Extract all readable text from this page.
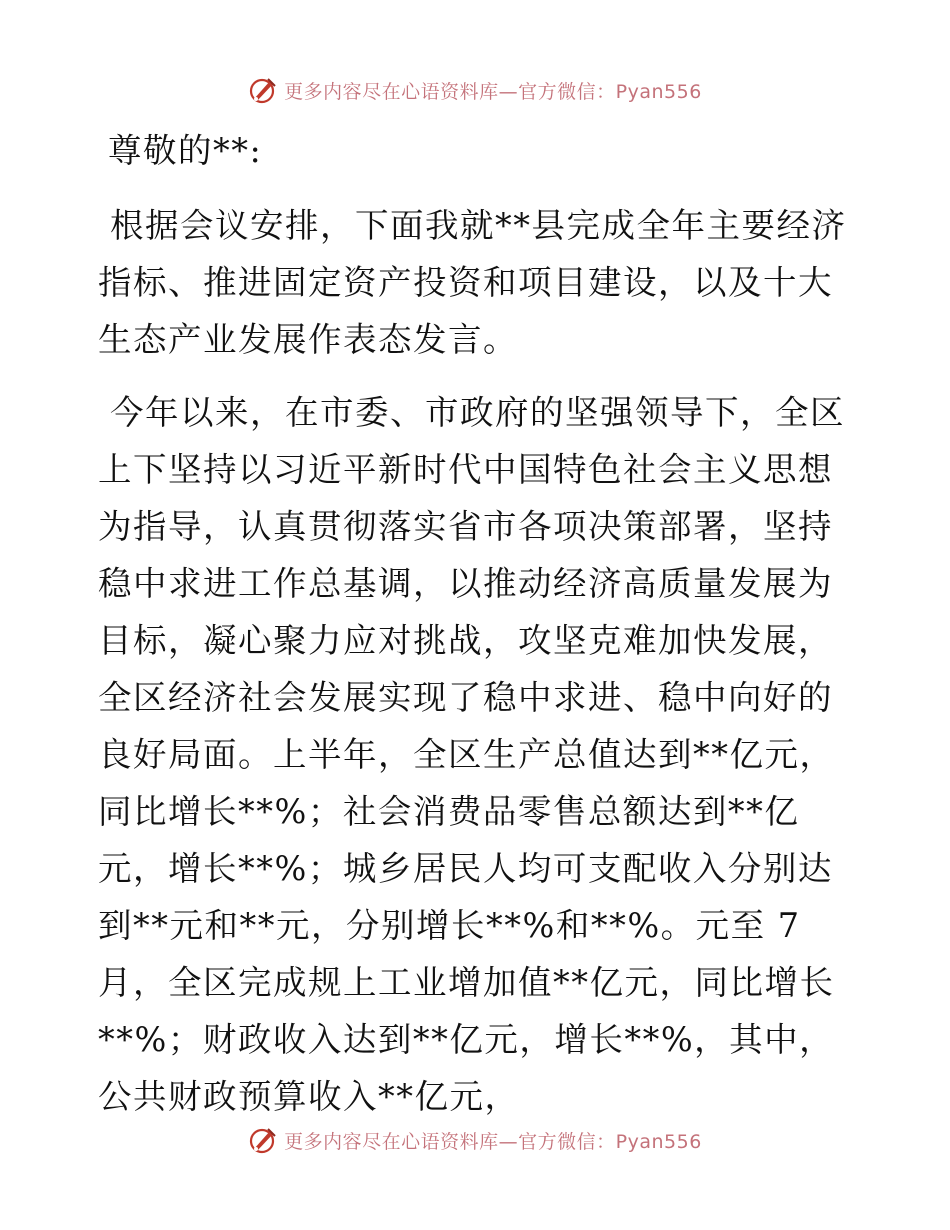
更多内容尽在心语资料库—官方微信：Pyan556

尊敬的**:

根据会议安排，下面我就**县完成全年主要经济指标、推进固定资产投资和项目建设，以及十大生态产业发展作表态发言。

今年以来，在市委、市政府的坚强领导下，全区上下坚持以习近平新时代中国特色社会主义思想为指导，认真贯彻落实省市各项决策部署，坚持稳中求进工作总基调，以推动经济高质量发展为目标，凝心聚力应对挑战，攻坚克难加快发展，全区经济社会发展实现了稳中求进、稳中向好的良好局面。上半年，全区生产总值达到**亿元，同比增长**%；社会消费品零售总额达到**亿元，增长**%；城乡居民人均可支配收入分别达到**元和**元，分别增长**%和**%。元至 7 月，全区完成规上工业增加值**亿元，同比增长**%；财政收入达到**亿元，增长**%，其中，公共财政预算收入**亿元，

更多内容尽在心语资料库—官方微信：Pyan556
